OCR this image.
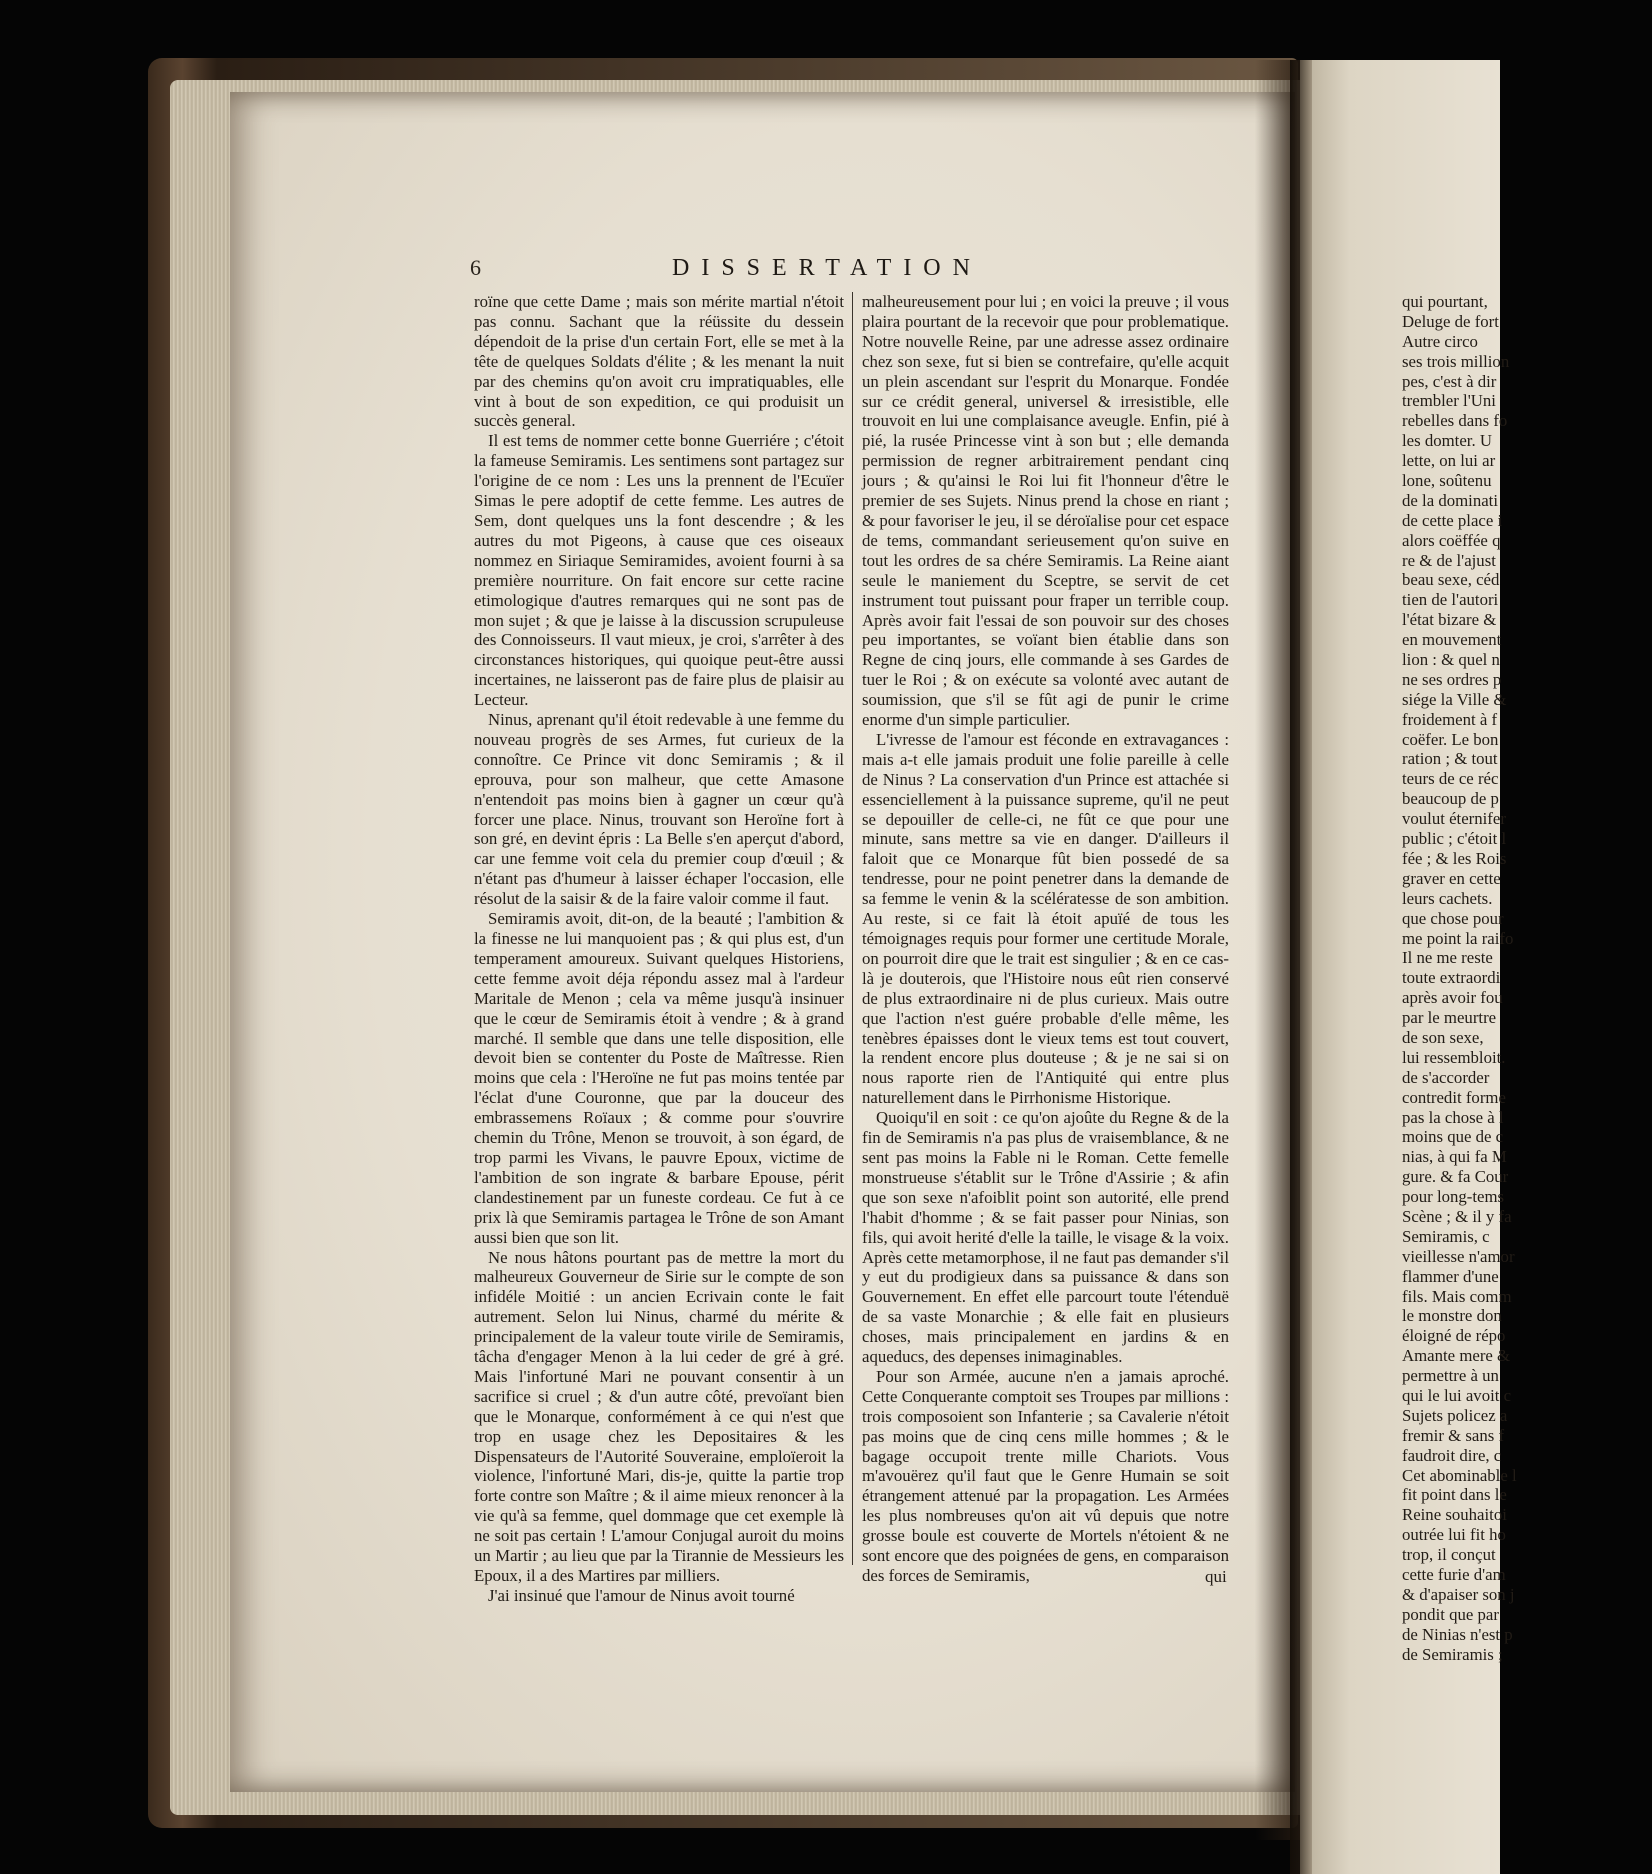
qui pourtant,
Deluge de fort
Autre circo
ses trois million
pes, c'est à dir
trembler l'Uni
rebelles dans fo
les domter. U
lette, on lui ar
lone, soûtenu
de la dominati
de cette place i
alors coëffée q
re & de l'ajust
beau sexe, céd
tien de l'autori
l'état bizare &
en mouvement
lion : & quel n
ne ses ordres p
siége la Ville &
froidement à f
coëfer. Le bon
ration ; & tout
teurs de ce réc
beaucoup de p
voulut éternifer
public ; c'étoit l
fée ; & les Rois
graver en cette
leurs cachets.
que chose pour
me point la raifo
Il ne me reste
toute extraordi
après avoir fou
par le meurtre
de son sexe,
lui ressembloit.
de s'accorder
contredit forme
pas la chose à l
moins que de c
nias, à qui fa M
gure. & fa Cour
pour long-tems
Scène ; & il y fa
Semiramis, c
vieillesse n'amor
flammer d'une
fils. Mais comm
le monstre don
éloigné de répo
Amante mere &
permettre à un
qui le lui avoit c
Sujets policez a
fremir & sans f
faudroit dire, c
Cet abominable l
fit point dans le
Reine souhaitoi
outrée lui fit ho
trop, il conçut
cette furie d'am
& d'apaiser son j
pondit que par
de Ninias n'est p
de Semiramis ;
6	DISSERTATION

roïne que cette Dame ; mais son mérite martial n'étoit pas connu. Sachant que la réüssite du dessein dépendoit de la prise d'un certain Fort, elle se met à la tête de quelques Soldats d'élite ; & les menant la nuit par des chemins qu'on avoit cru impratiquables, elle vint à bout de son expedition, ce qui produisit un succès general.

Il est tems de nommer cette bonne Guerriére ; c'étoit la fameuse Semiramis. Les sentimens sont partagez sur l'origine de ce nom : Les uns la prennent de l'Ecuïer Simas le pere adoptif de cette femme. Les autres de Sem, dont quelques uns la font descendre ; & les autres du mot Pigeons, à cause que ces oiseaux nommez en Siriaque Semiramides, avoient fourni à sa première nourriture. On fait encore sur cette racine etimologique d'autres remarques qui ne sont pas de mon sujet ; & que je laisse à la discussion scrupuleuse des Connoisseurs. Il vaut mieux, je croi, s'arrêter à des circonstances historiques, qui quoique peut-être aussi incertaines, ne laisseront pas de faire plus de plaisir au Lecteur.

Ninus, aprenant qu'il étoit redevable à une femme du nouveau progrès de ses Armes, fut curieux de la connoître. Ce Prince vit donc Semiramis ; & il eprouva, pour son malheur, que cette Amasone n'entendoit pas moins bien à gagner un cœur qu'à forcer une place. Ninus, trouvant son Heroïne fort à son gré, en devint épris : La Belle s'en aperçut d'abord, car une femme voit cela du premier coup d'œuil ; & n'étant pas d'humeur à laisser échaper l'occasion, elle résolut de la saisir & de la faire valoir comme il faut.

Semiramis avoit, dit-on, de la beauté ; l'ambition & la finesse ne lui manquoient pas ; & qui plus est, d'un temperament amoureux. Suivant quelques Historiens, cette femme avoit déja répondu assez mal à l'ardeur Maritale de Menon ; cela va même jusqu'à insinuer que le cœur de Semiramis étoit à vendre ; & à grand marché. Il semble que dans une telle disposition, elle devoit bien se contenter du Poste de Maîtresse. Rien moins que cela : l'Heroïne ne fut pas moins tentée par l'éclat d'une Couronne, que par la douceur des embrassemens Roïaux ; & comme pour s'ouvrire chemin du Trône, Menon se trouvoit, à son égard, de trop parmi les Vivans, le pauvre Epoux, victime de l'ambition de son ingrate & barbare Epouse, périt clandestinement par un funeste cordeau. Ce fut à ce prix là que Semiramis partagea le Trône de son Amant aussi bien que son lit.

Ne nous hâtons pourtant pas de mettre la mort du malheureux Gouverneur de Sirie sur le compte de son infidéle Moitié : un ancien Ecrivain conte le fait autrement. Selon lui Ninus, charmé du mérite & principalement de la valeur toute virile de Semiramis, tâcha d'engager Menon à la lui ceder de gré à gré. Mais l'infortuné Mari ne pouvant consentir à un sacrifice si cruel ; & d'un autre côté, prevoïant bien que le Monarque, conformément à ce qui n'est que trop en usage chez les Depositaires & les Dispensateurs de l'Autorité Souveraine, emploïeroit la violence, l'infortuné Mari, dis-je, quitte la partie trop forte contre son Maître ; & il aime mieux renoncer à la vie qu'à sa femme, quel dommage que cet exemple là ne soit pas certain ! L'amour Conjugal auroit du moins un Martir ; au lieu que par la Tirannie de Messieurs les Epoux, il a des Martires par milliers.

J'ai insinué que l'amour de Ninus avoit tourné

malheureusement pour lui ; en voici la preuve ; il vous plaira pourtant de la recevoir que pour problematique. Notre nouvelle Reine, par une adresse assez ordinaire chez son sexe, fut si bien se contrefaire, qu'elle acquit un plein ascendant sur l'esprit du Monarque. Fondée sur ce crédit general, universel & irresistible, elle trouvoit en lui une complaisance aveugle. Enfin, pié à pié, la rusée Princesse vint à son but ; elle demanda permission de regner arbitrairement pendant cinq jours ; & qu'ainsi le Roi lui fit l'honneur d'être le premier de ses Sujets. Ninus prend la chose en riant ; & pour favoriser le jeu, il se déroïalise pour cet espace de tems, commandant serieusement qu'on suive en tout les ordres de sa chére Semiramis. La Reine aiant seule le maniement du Sceptre, se servit de cet instrument tout puissant pour fraper un terrible coup. Après avoir fait l'essai de son pouvoir sur des choses peu importantes, se voïant bien établie dans son Regne de cinq jours, elle commande à ses Gardes de tuer le Roi ; & on exécute sa volonté avec autant de soumission, que s'il se fût agi de punir le crime enorme d'un simple particulier.

L'ivresse de l'amour est féconde en extravagances : mais a-t elle jamais produit une folie pareille à celle de Ninus ? La conservation d'un Prince est attachée si essenciellement à la puissance supreme, qu'il ne peut se depouiller de celle-ci, ne fût ce que pour une minute, sans mettre sa vie en danger. D'ailleurs il faloit que ce Monarque fût bien possedé de sa tendresse, pour ne point penetrer dans la demande de sa femme le venin & la scélératesse de son ambition. Au reste, si ce fait là étoit apuïé de tous les témoignages requis pour former une certitude Morale, on pourroit dire que le trait est singulier ; & en ce cas-là je douterois, que l'Histoire nous eût rien conservé de plus extraordinaire ni de plus curieux. Mais outre que l'action n'est guére probable d'elle même, les tenèbres épaisses dont le vieux tems est tout couvert, la rendent encore plus douteuse ; & je ne sai si on nous raporte rien de l'Antiquité qui entre plus naturellement dans le Pirrhonisme Historique.

Quoiqu'il en soit : ce qu'on ajoûte du Regne & de la fin de Semiramis n'a pas plus de vraisemblance, & ne sent pas moins la Fable ni le Roman. Cette femelle monstrueuse s'établit sur le Trône d'Assirie ; & afin que son sexe n'afoiblit point son autorité, elle prend l'habit d'homme ; & se fait passer pour Ninias, son fils, qui avoit herité d'elle la taille, le visage & la voix. Après cette metamorphose, il ne faut pas demander s'il y eut du prodigieux dans sa puissance & dans son Gouvernement. En effet elle parcourt toute l'étenduë de sa vaste Monarchie ; & elle fait en plusieurs choses, mais principalement en jardins & en aqueducs, des depenses inimaginables.

Pour son Armée, aucune n'en a jamais aproché. Cette Conquerante comptoit ses Troupes par millions : trois composoient son Infanterie ; sa Cavalerie n'étoit pas moins que de cinq cens mille hommes ; & le bagage occupoit trente mille Chariots. Vous m'avouërez qu'il faut que le Genre Humain se soit étrangement attenué par la propagation. Les Armées les plus nombreuses qu'on ait vû depuis que notre grosse boule est couverte de Mortels n'étoient & ne sont encore que des poignées de gens, en comparaison des forces de Semiramis,	qui
